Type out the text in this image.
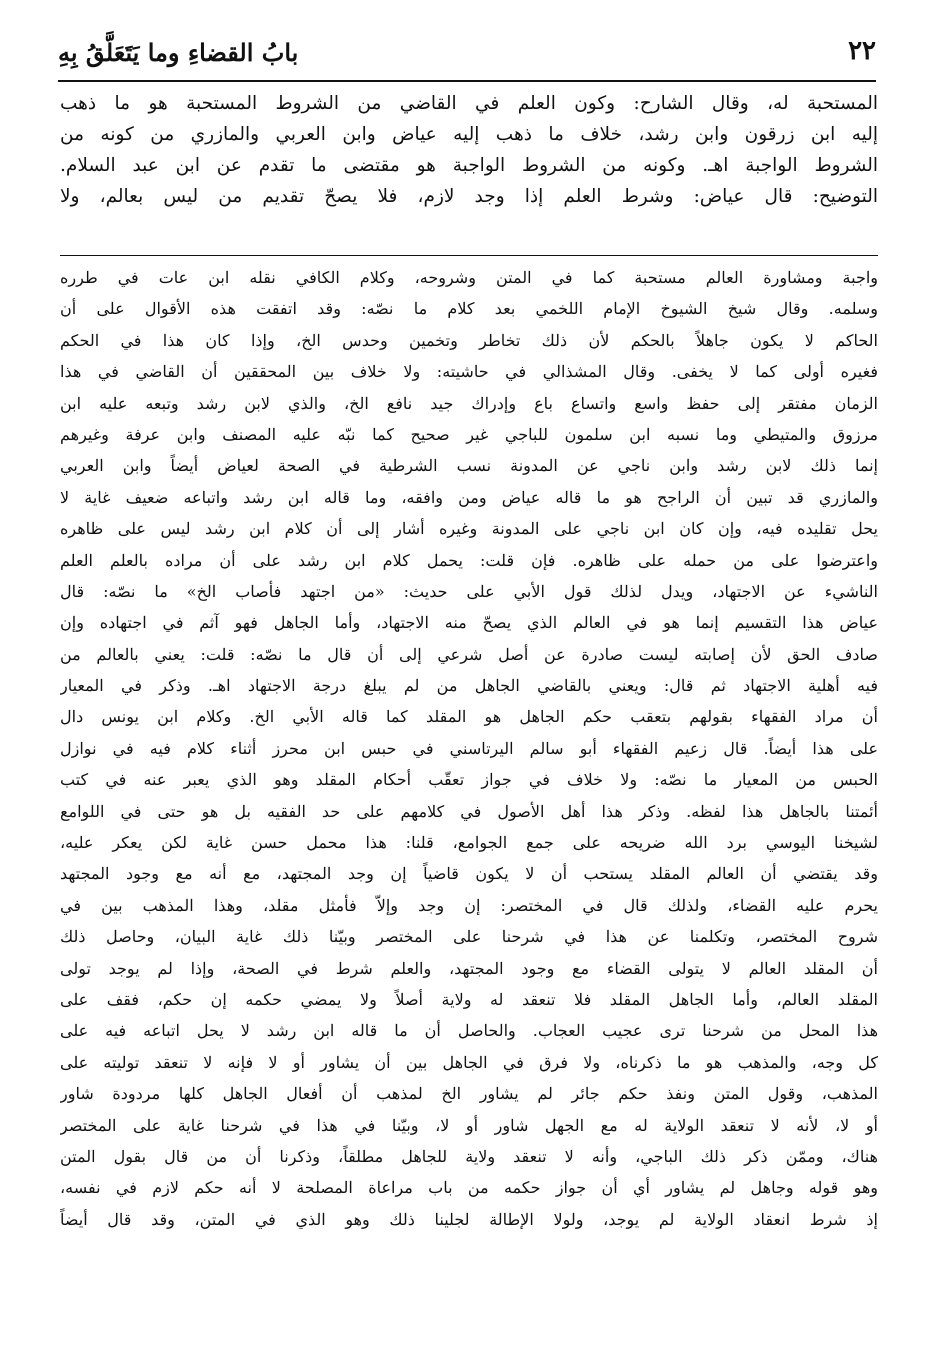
٢٢
بابُ القضاءِ وما يَتَعَلَّقُ بِهِ
المستحبة له، وقال الشارح: وكون العلم في القاضي من الشروط المستحبة هو ما ذهب
إليه ابن زرقون وابن رشد، خلاف ما ذهب إليه عياض وابن العربي والمازري من كونه من
الشروط الواجبة اهـ. وكونه من الشروط الواجبة هو مقتضى ما تقدم عن ابن عبد السلام.
التوضيح: قال عياض: وشرط العلم إذا وجد لازم، فلا يصحّ تقديم من ليس بعالم، ولا
واجبة ومشاورة العالم مستحبة كما في المتن وشروحه، وكلام الكافي نقله ابن عات في طرره
وسلمه. وقال شيخ الشيوخ الإمام اللخمي بعد كلام ما نصّه: وقد اتفقت هذه الأقوال على أن
الحاكم لا يكون جاهلاً بالحكم لأن ذلك تخاطر وتخمين وحدس الخ، وإذا كان هذا في الحكم
فغيره أولى كما لا يخفى. وقال المشذالي في حاشيته: ولا خلاف بين المحققين أن القاضي في هذا
الزمان مفتقر إلى حفظ واسع واتساع باع وإدراك جيد نافع الخ، والذي لابن رشد وتبعه عليه ابن
مرزوق والمتيطي وما نسبه ابن سلمون للباجي غير صحيح كما نبّه عليه المصنف وابن عرفة وغيرهم
إنما ذلك لابن رشد وابن ناجي عن المدونة نسب الشرطية في الصحة لعياض أيضاً وابن العربي
والمازري قد تبين أن الراجح هو ما قاله عياض ومن وافقه، وما قاله ابن رشد واتباعه ضعيف غاية لا
يحل تقليده فيه، وإن كان ابن ناجي على المدونة وغيره أشار إلى أن كلام ابن رشد ليس على ظاهره
واعترضوا على من حمله على ظاهره. فإن قلت: يحمل كلام ابن رشد على أن مراده بالعلم العلم
الناشيء عن الاجتهاد، ويدل لذلك قول الأبي على حديث: «من اجتهد فأصاب الخ» ما نصّه: قال
عياض هذا التقسيم إنما هو في العالم الذي يصحّ منه الاجتهاد، وأما الجاهل فهو آثم في اجتهاده وإن
صادف الحق لأن إصابته ليست صادرة عن أصل شرعي إلى أن قال ما نصّه: قلت: يعني بالعالم من
فيه أهلية الاجتهاد ثم قال: ويعني بالقاضي الجاهل من لم يبلغ درجة الاجتهاد اهـ. وذكر في المعيار
أن مراد الفقهاء بقولهم بتعقب حكم الجاهل هو المقلد كما قاله الأبي الخ. وكلام ابن يونس دال
على هذا أيضاً. قال زعيم الفقهاء أبو سالم اليرتاسني في حبس ابن محرز أثناء كلام فيه في نوازل
الحبس من المعيار ما نصّه: ولا خلاف في جواز تعقّب أحكام المقلد وهو الذي يعبر عنه في كتب
أئمتنا بالجاهل هذا لفظه. وذكر هذا أهل الأصول في كلامهم على حد الفقيه بل هو حتى في اللوامع
لشيخنا اليوسي برد الله ضريحه على جمع الجوامع، قلنا: هذا محمل حسن غاية لكن يعكر عليه،
وقد يقتضي أن العالم المقلد يستحب أن لا يكون قاضياً إن وجد المجتهد، مع أنه مع وجود المجتهد
يحرم عليه القضاء، ولذلك قال في المختصر: إن وجد وإلاّ فأمثل مقلد، وهذا المذهب بين في
شروح المختصر، وتكلمنا عن هذا في شرحنا على المختصر وبيّنا ذلك غاية البيان، وحاصل ذلك
أن المقلد العالم لا يتولى القضاء مع وجود المجتهد، والعلم شرط في الصحة، وإذا لم يوجد تولى
المقلد العالم، وأما الجاهل المقلد فلا تنعقد له ولاية أصلاً ولا يمضي حكمه إن حكم، فقف على
هذا المحل من شرحنا ترى عجيب العجاب. والحاصل أن ما قاله ابن رشد لا يحل اتباعه فيه على
كل وجه، والمذهب هو ما ذكرناه، ولا فرق في الجاهل بين أن يشاور أو لا فإنه لا تنعقد توليته على
المذهب، وقول المتن ونفذ حكم جائر لم يشاور الخ لمذهب أن أفعال الجاهل كلها مردودة شاور
أو لا، لأنه لا تنعقد الولاية له مع الجهل شاور أو لا، وبيّنا في هذا في شرحنا غاية على المختصر
هناك، وممّن ذكر ذلك الباجي، وأنه لا تنعقد ولاية للجاهل مطلقاً، وذكرنا أن من قال بقول المتن
وهو قوله وجاهل لم يشاور أي أن جواز حكمه من باب مراعاة المصلحة لا أنه حكم لازم في نفسه،
إذ شرط انعقاد الولاية لم يوجد، ولولا الإطالة لجلينا ذلك وهو الذي في المتن، وقد قال أيضاً
